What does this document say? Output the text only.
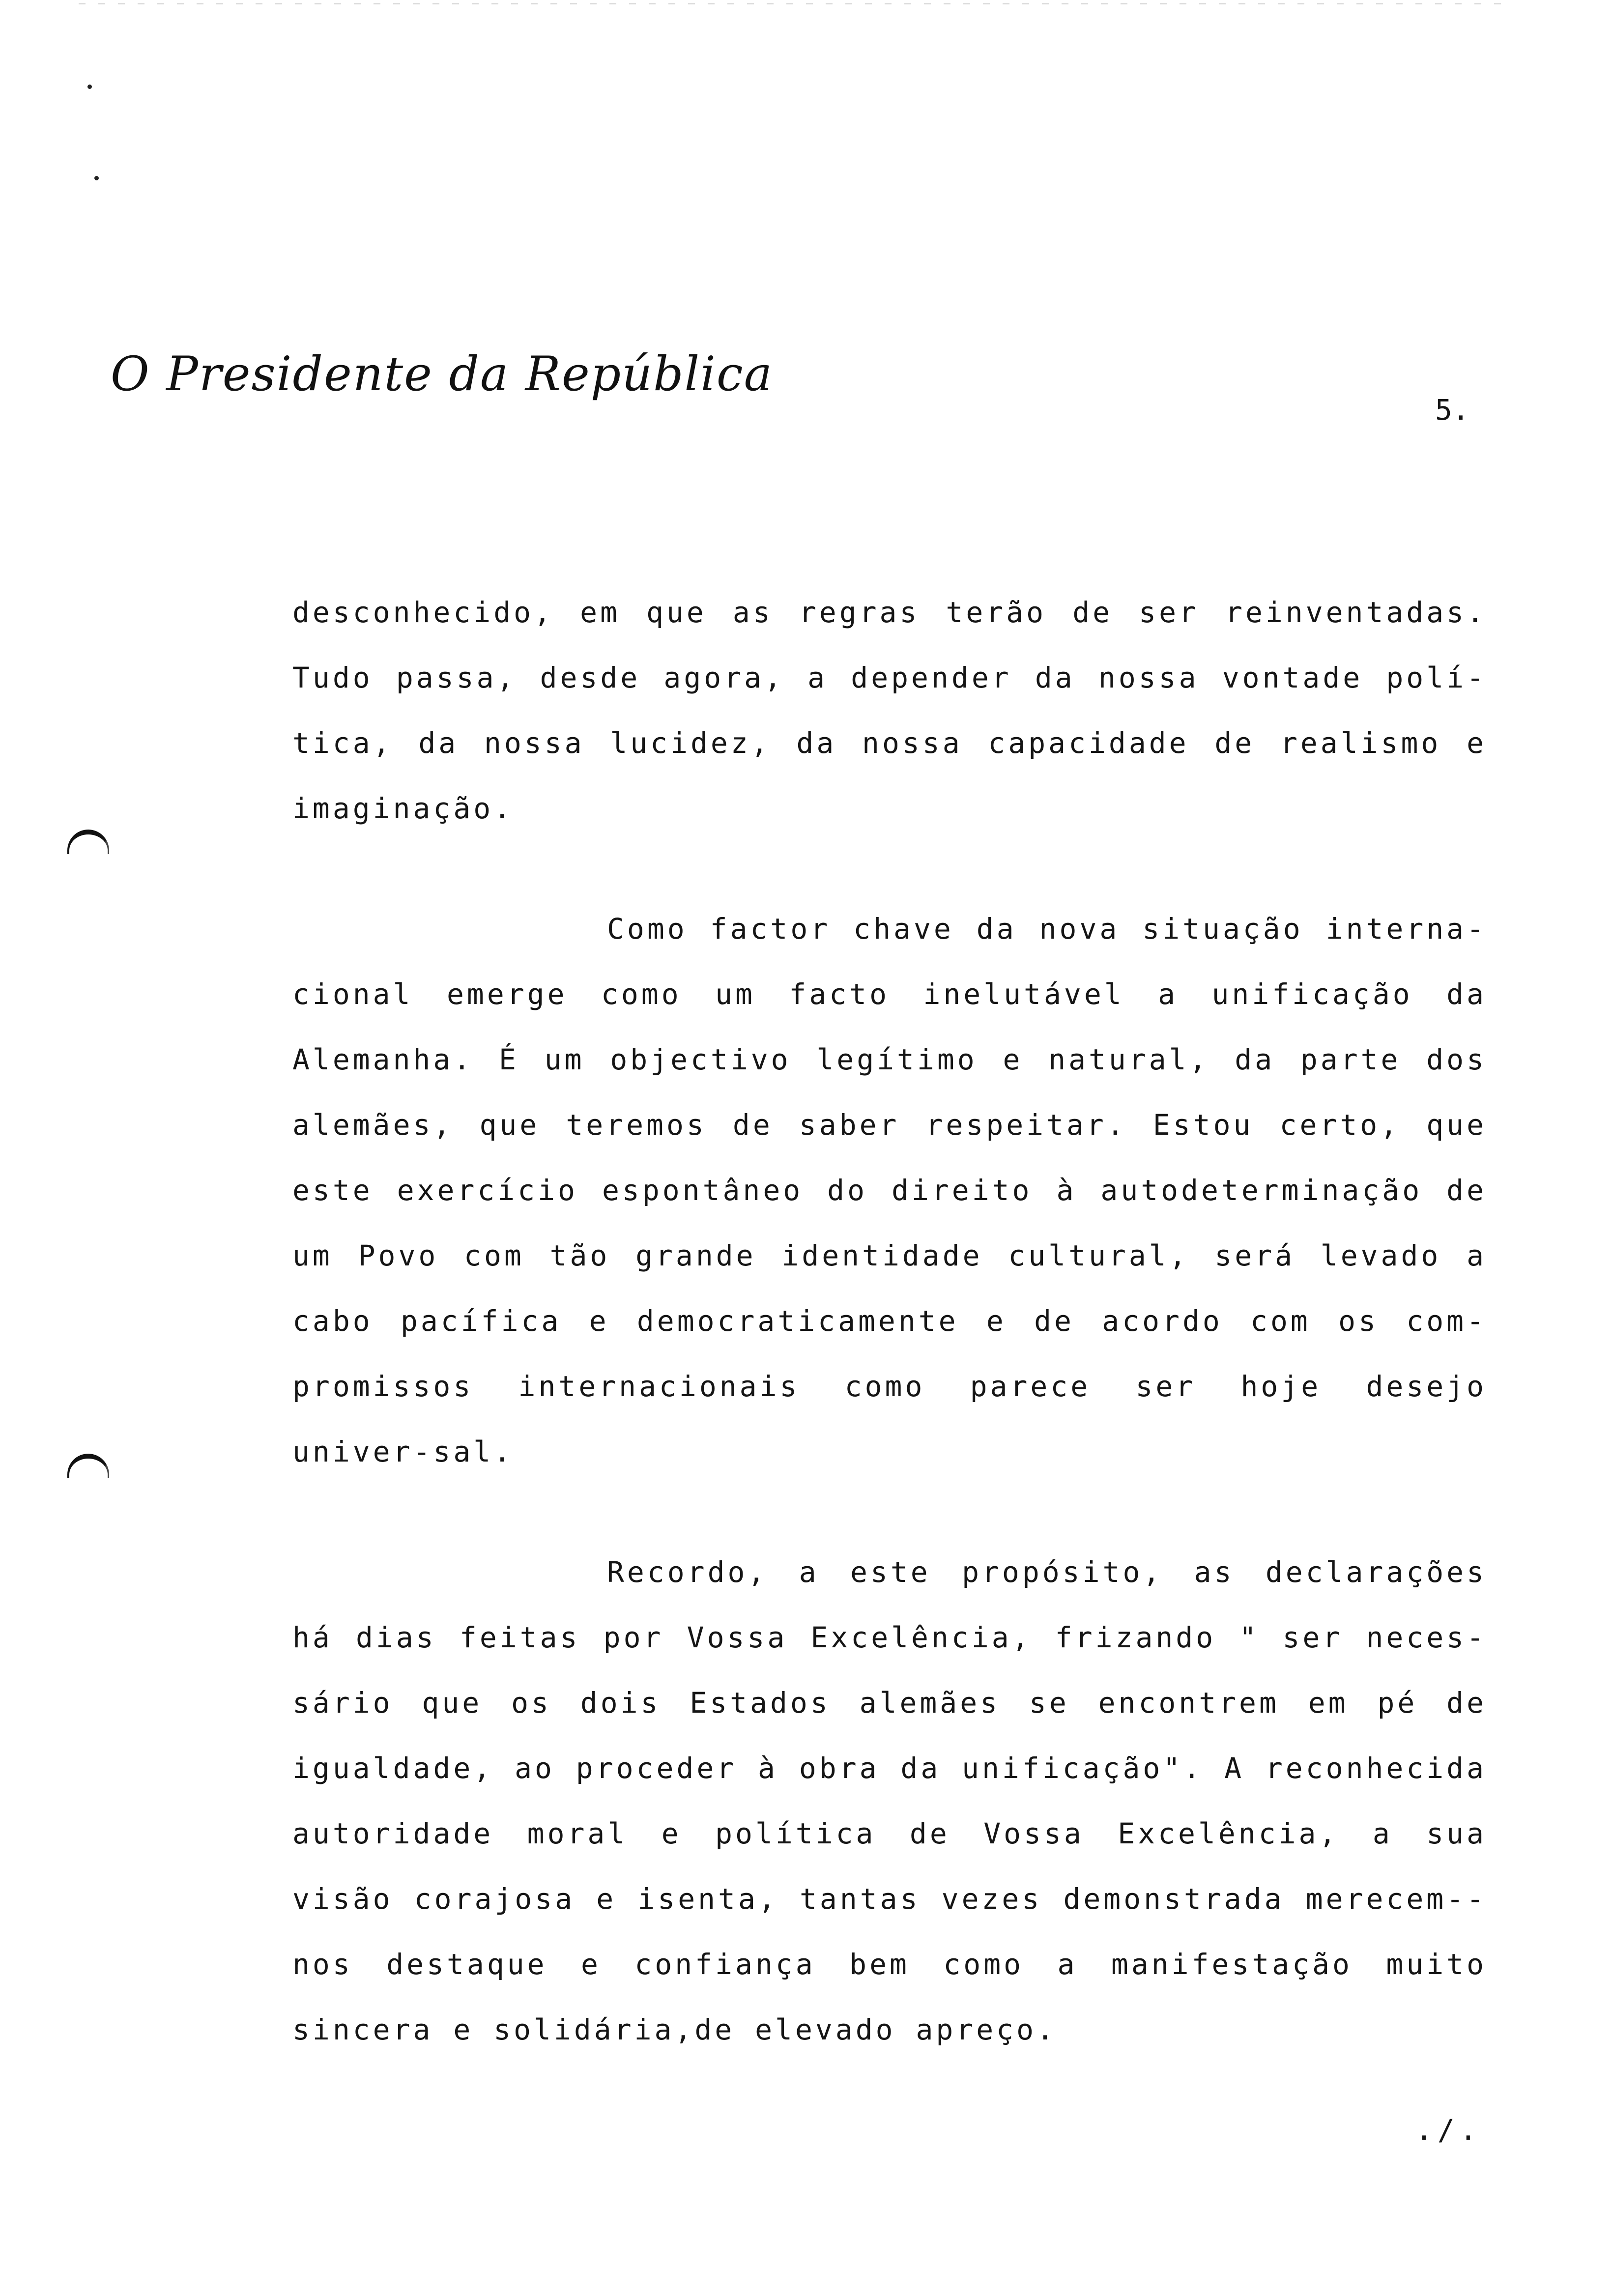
O Presidente da República
5.

desconhecido, em que as regras terão de ser reinventadas. Tudo passa, desde agora, a depender da nossa vontade polí-tica, da nossa lucidez, da nossa capacidade de realismo e imaginação.

Como factor chave da nova situação interna-cional emerge como um facto inelutável a unificação da Alemanha. É um objectivo legítimo e natural, da parte dos alemães, que teremos de saber respeitar. Estou certo, que este exercício espontâneo do direito à autodeterminação de um Povo com tão grande identidade cultural, será levado a cabo pacífica e democraticamente e de acordo com os com-promissos internacionais como parece ser hoje desejo univer-sal.

Recordo, a este propósito, as declarações há dias feitas por Vossa Excelência, frizando " ser neces-sário que os dois Estados alemães se encontrem em pé de igualdade, ao proceder à obra da unificação". A reconhecida autoridade moral e política de Vossa Excelência, a sua visão corajosa e isenta, tantas vezes demonstrada merecem--nos destaque e confiança bem como a manifestação muito sincera e solidária,de elevado apreço.

./.
